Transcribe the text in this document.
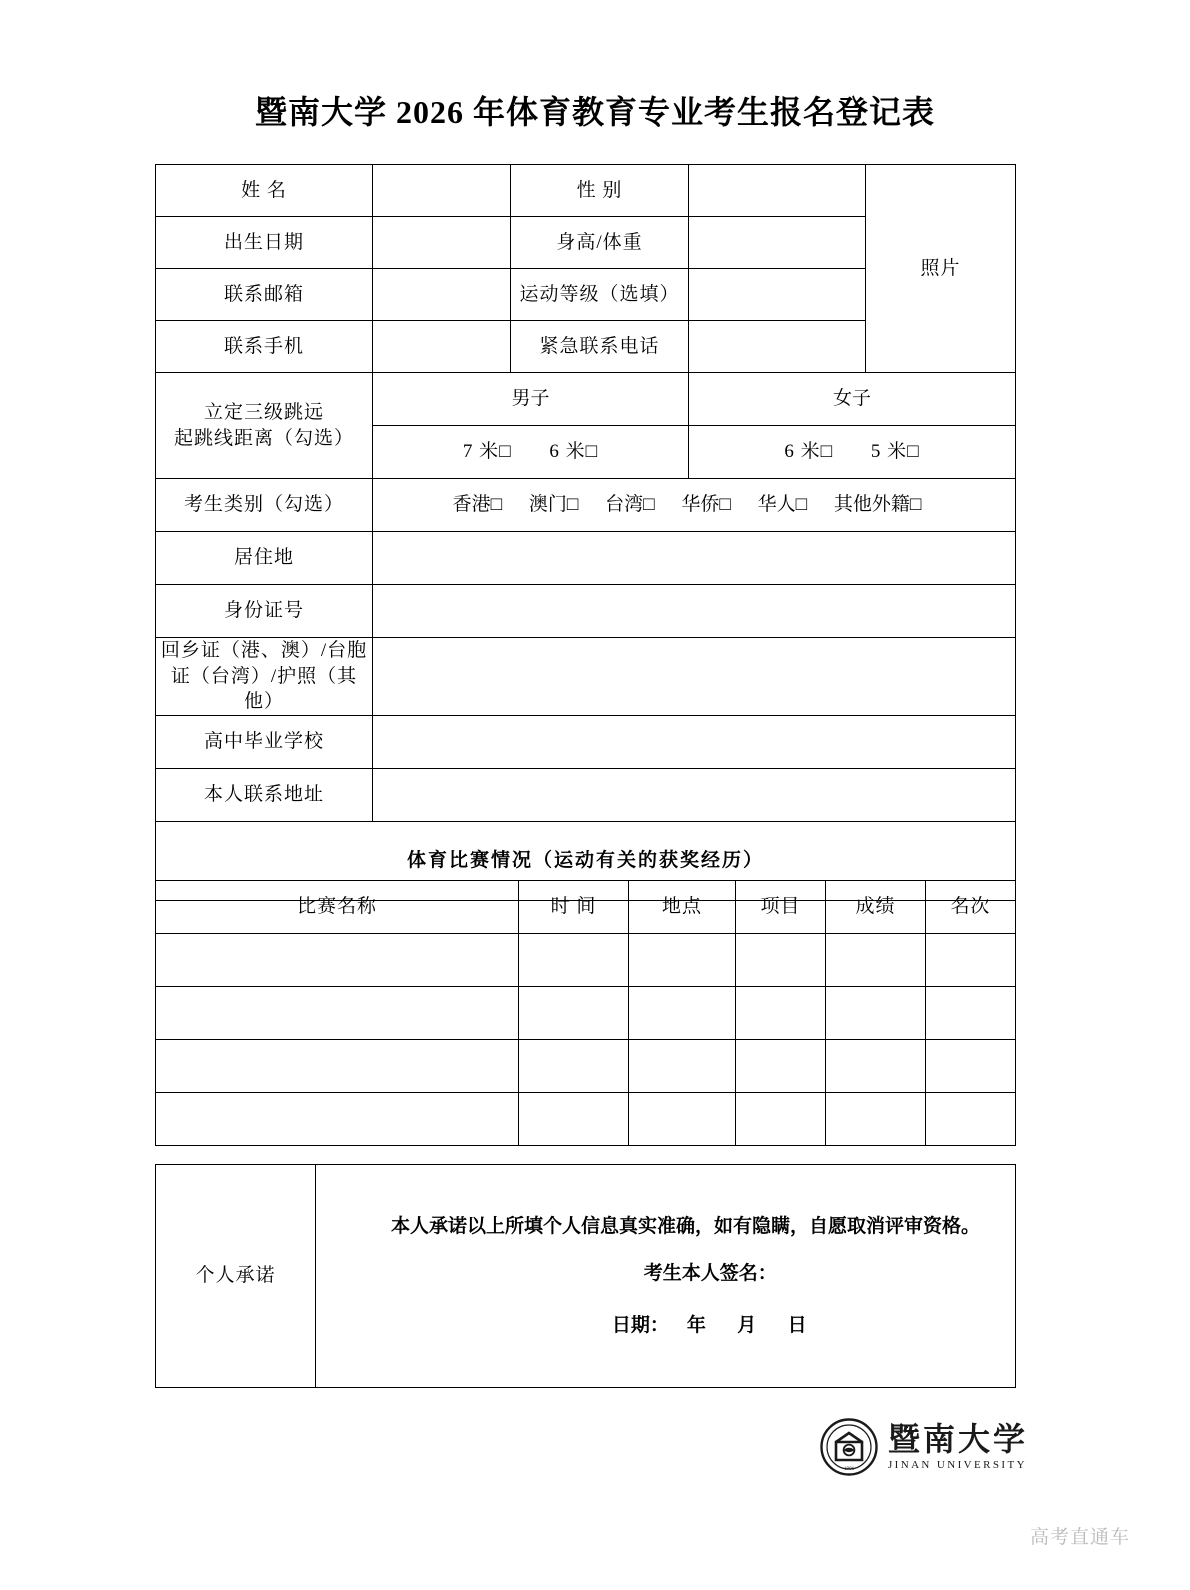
暨南大学 2026 年体育教育专业考生报名登记表
姓 名		性 别		照片
出生日期		身高/体重	
联系邮箱		运动等级（选填）	
联系手机		紧急联系电话	

立定三级跳远
起跳线距离（勾选）
	男子	女子
7 米□ 6 米□	6 米□ 5 米□
考生类别（勾选）	香港□ 澳门□ 台湾□ 华侨□ 华人□ 其他外籍□
居住地	
身份证号	

回乡证（港、澳）/台胞
证（台湾）/护照（其他）

高中毕业学校	
本人联系地址	
体育比赛情况（运动有关的获奖经历）
比赛名称	时 间	地点	项目	成绩	名次

个人承诺	
本人承诺以上所填个人信息真实准确，如有隐瞒，自愿取消评审资格。
考生本人签名：
日期： 年 月 日
1906
暨南大学
JINAN UNIVERSITY
高考直通车
